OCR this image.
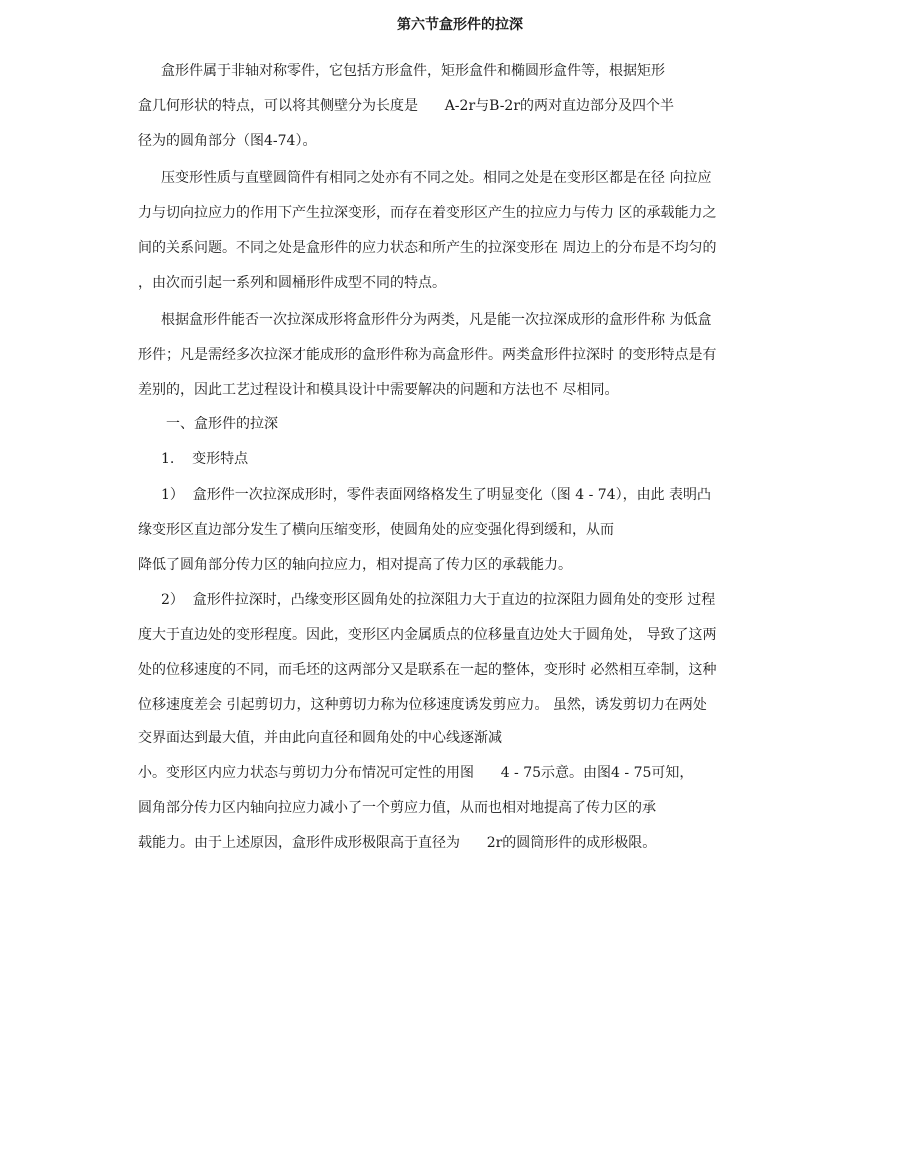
第六节盒形件的拉深
盒形件属于非轴对称零件，它包括方形盒件，矩形盒件和椭圆形盒件等，根据矩形
盒几何形状的特点，可以将其侧壁分为长度是      A-2r与B-2r的两对直边部分及四个半
径为的圆角部分（图4-74）。
压变形性质与直壁圆筒件有相同之处亦有不同之处。相同之处是在变形区都是在径 向拉应
力与切向拉应力的作用下产生拉深变形，而存在着变形区产生的拉应力与传力 区的承载能力之
间的关系问题。不同之处是盒形件的应力状态和所产生的拉深变形在 周边上的分布是不均匀的
，由次而引起一系列和圆桶形件成型不同的特点。
根据盒形件能否一次拉深成形将盒形件分为两类，凡是能一次拉深成形的盒形件称 为低盒
形件；凡是需经多次拉深才能成形的盒形件称为高盒形件。两类盒形件拉深时 的变形特点是有
差别的，因此工艺过程设计和模具设计中需要解决的问题和方法也不 尽相同。
一、盒形件的拉深
1.    变形特点
1）  盒形件一次拉深成形时，零件表面网络格发生了明显变化（图 4 - 74），由此 表明凸
缘变形区直边部分发生了横向压缩变形，使圆角处的应变强化得到缓和，从而
降低了圆角部分传力区的轴向拉应力，相对提高了传力区的承载能力。
2）  盒形件拉深时，凸缘变形区圆角处的拉深阻力大于直边的拉深阻力圆角处的变形 过程
度大于直边处的变形程度。因此，变形区内金属质点的位移量直边处大于圆角处， 导致了这两
处的位移速度的不同，而毛坯的这两部分又是联系在一起的整体，变形时 必然相互牵制，这种
位移速度差会 引起剪切力，这种剪切力称为位移速度诱发剪应力。 虽然，诱发剪切力在两处
交界面达到最大值，并由此向直径和圆角处的中心线逐渐减
小。变形区内应力状态与剪切力分布情况可定性的用图      4 - 75示意。由图4 - 75可知，
圆角部分传力区内轴向拉应力减小了一个剪应力值，从而也相对地提高了传力区的承
载能力。由于上述原因，盒形件成形极限高于直径为      2r的圆筒形件的成形极限。
